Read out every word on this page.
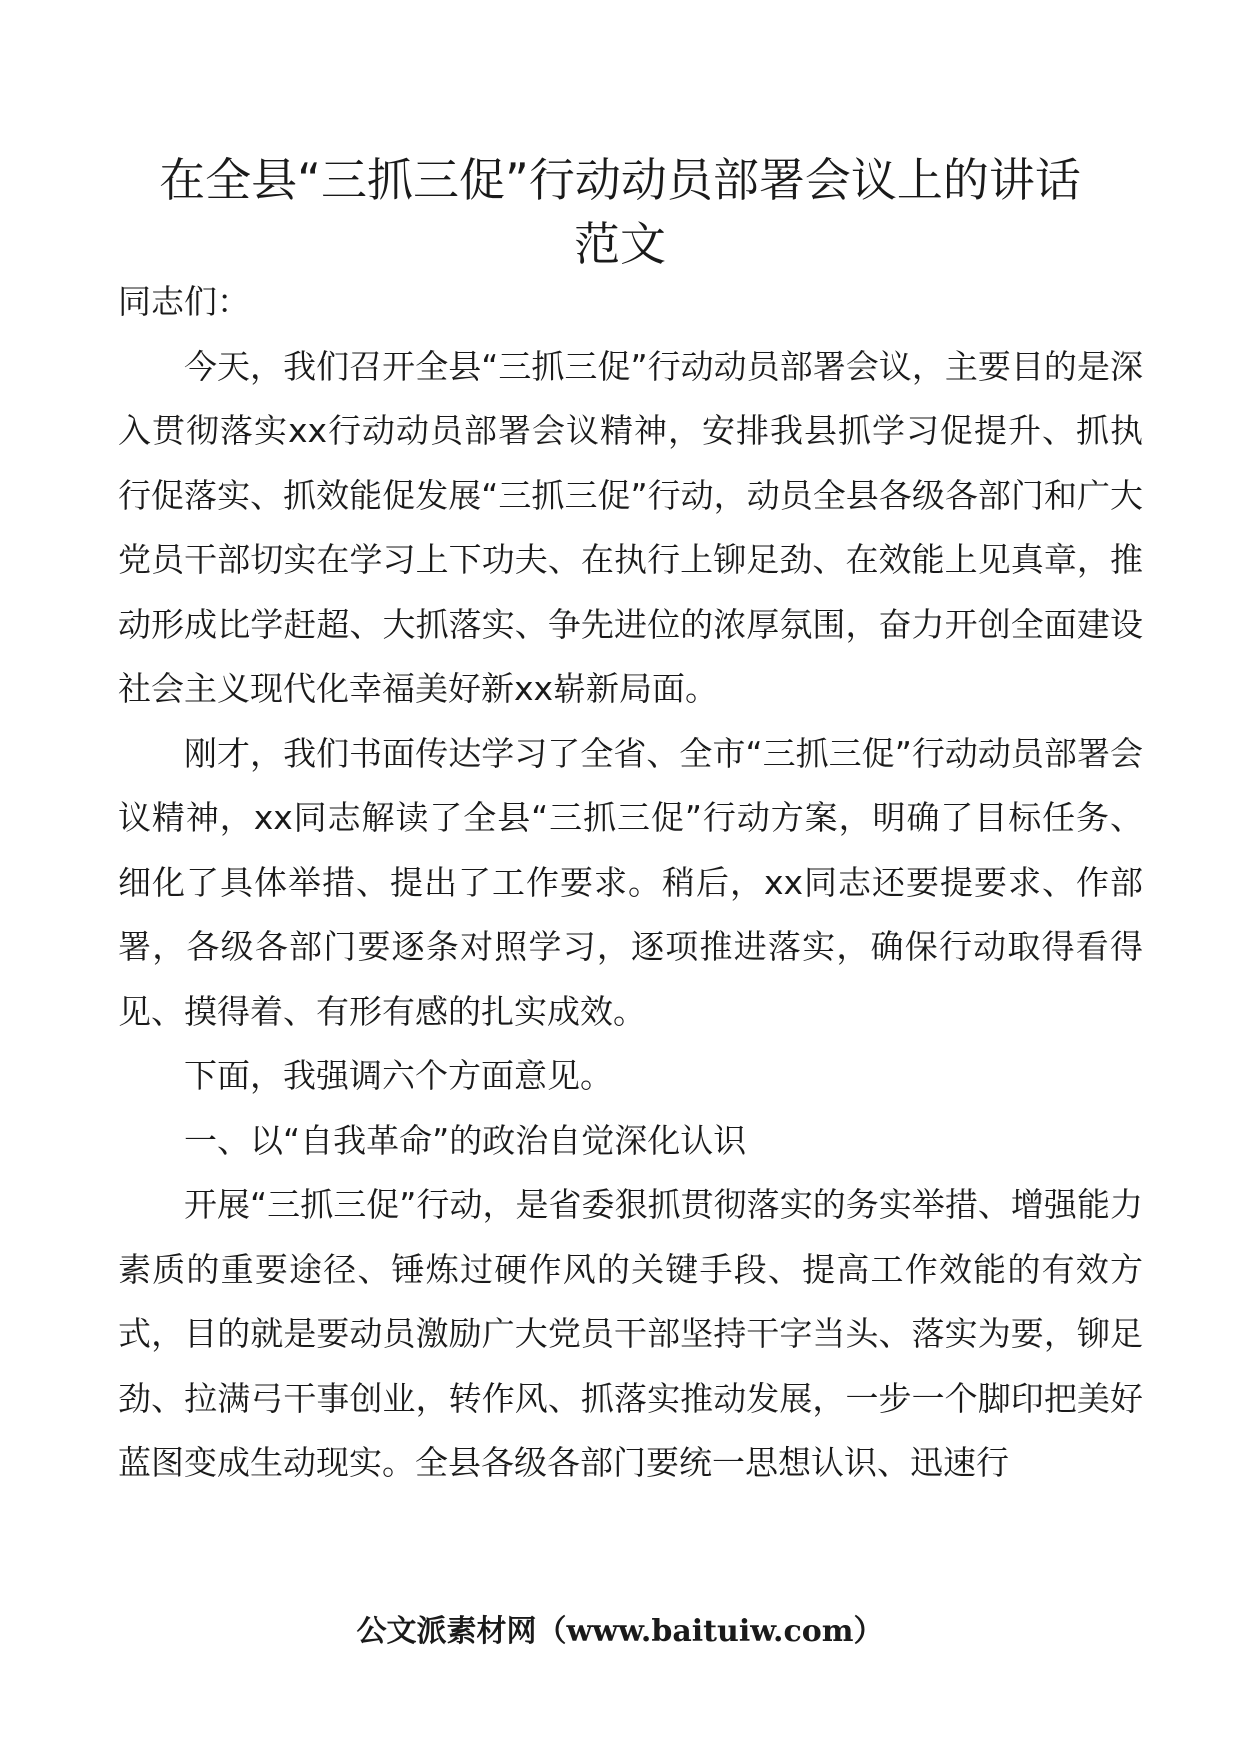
在全县“三抓三促”行动动员部署会议上的讲话
范文

同志们：

今天，我们召开全县“三抓三促”行动动员部署会议，主要目的是深入贯彻落实xx行动动员部署会议精神，安排我县抓学习促提升、抓执行促落实、抓效能促发展“三抓三促”行动，动员全县各级各部门和广大党员干部切实在学习上下功夫、在执行上铆足劲、在效能上见真章，推动形成比学赶超、大抓落实、争先进位的浓厚氛围，奋力开创全面建设社会主义现代化幸福美好新xx崭新局面。

刚才，我们书面传达学习了全省、全市“三抓三促”行动动员部署会议精神，xx同志解读了全县“三抓三促”行动方案，明确了目标任务、细化了具体举措、提出了工作要求。稍后，xx同志还要提要求、作部署，各级各部门要逐条对照学习，逐项推进落实，确保行动取得看得见、摸得着、有形有感的扎实成效。

下面，我强调六个方面意见。

一、以“自我革命”的政治自觉深化认识

开展“三抓三促”行动，是省委狠抓贯彻落实的务实举措、增强能力素质的重要途径、锤炼过硬作风的关键手段、提高工作效能的有效方式，目的就是要动员激励广大党员干部坚持干字当头、落实为要，铆足劲、拉满弓干事创业，转作风、抓落实推动发展，一步一个脚印把美好蓝图变成生动现实。全县各级各部门要统一思想认识、迅速行

公文派素材网（www.baituiw.com）
